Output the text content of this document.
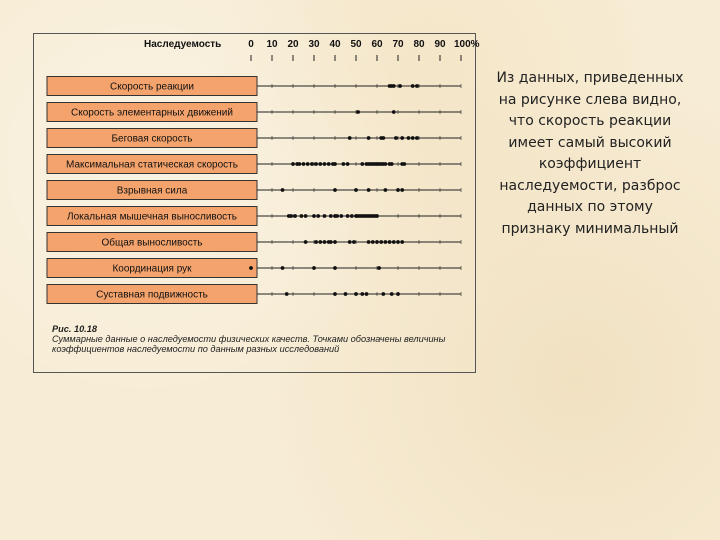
Наследуемость	0 10 20 30 40 50 60 70 80 90 100%
Скорость реакции
Скорость элементарных движений
Беговая скорость
Максимальная статическая скорость
Взрывная сила
Локальная мышечная выносливость
Общая выносливость
Координация рук
Суставная подвижность
Рис. 10.18
Суммарные данные о наследуемости физических качеств. Точками обозначены величины коэффициентов наследуемости по данным разных исследований
Из данных, приведенных на рисунке слева видно, что скорость реакции имеет самый высокий коэффициент наследуемости, разброс данных по этому признаку минимальный
